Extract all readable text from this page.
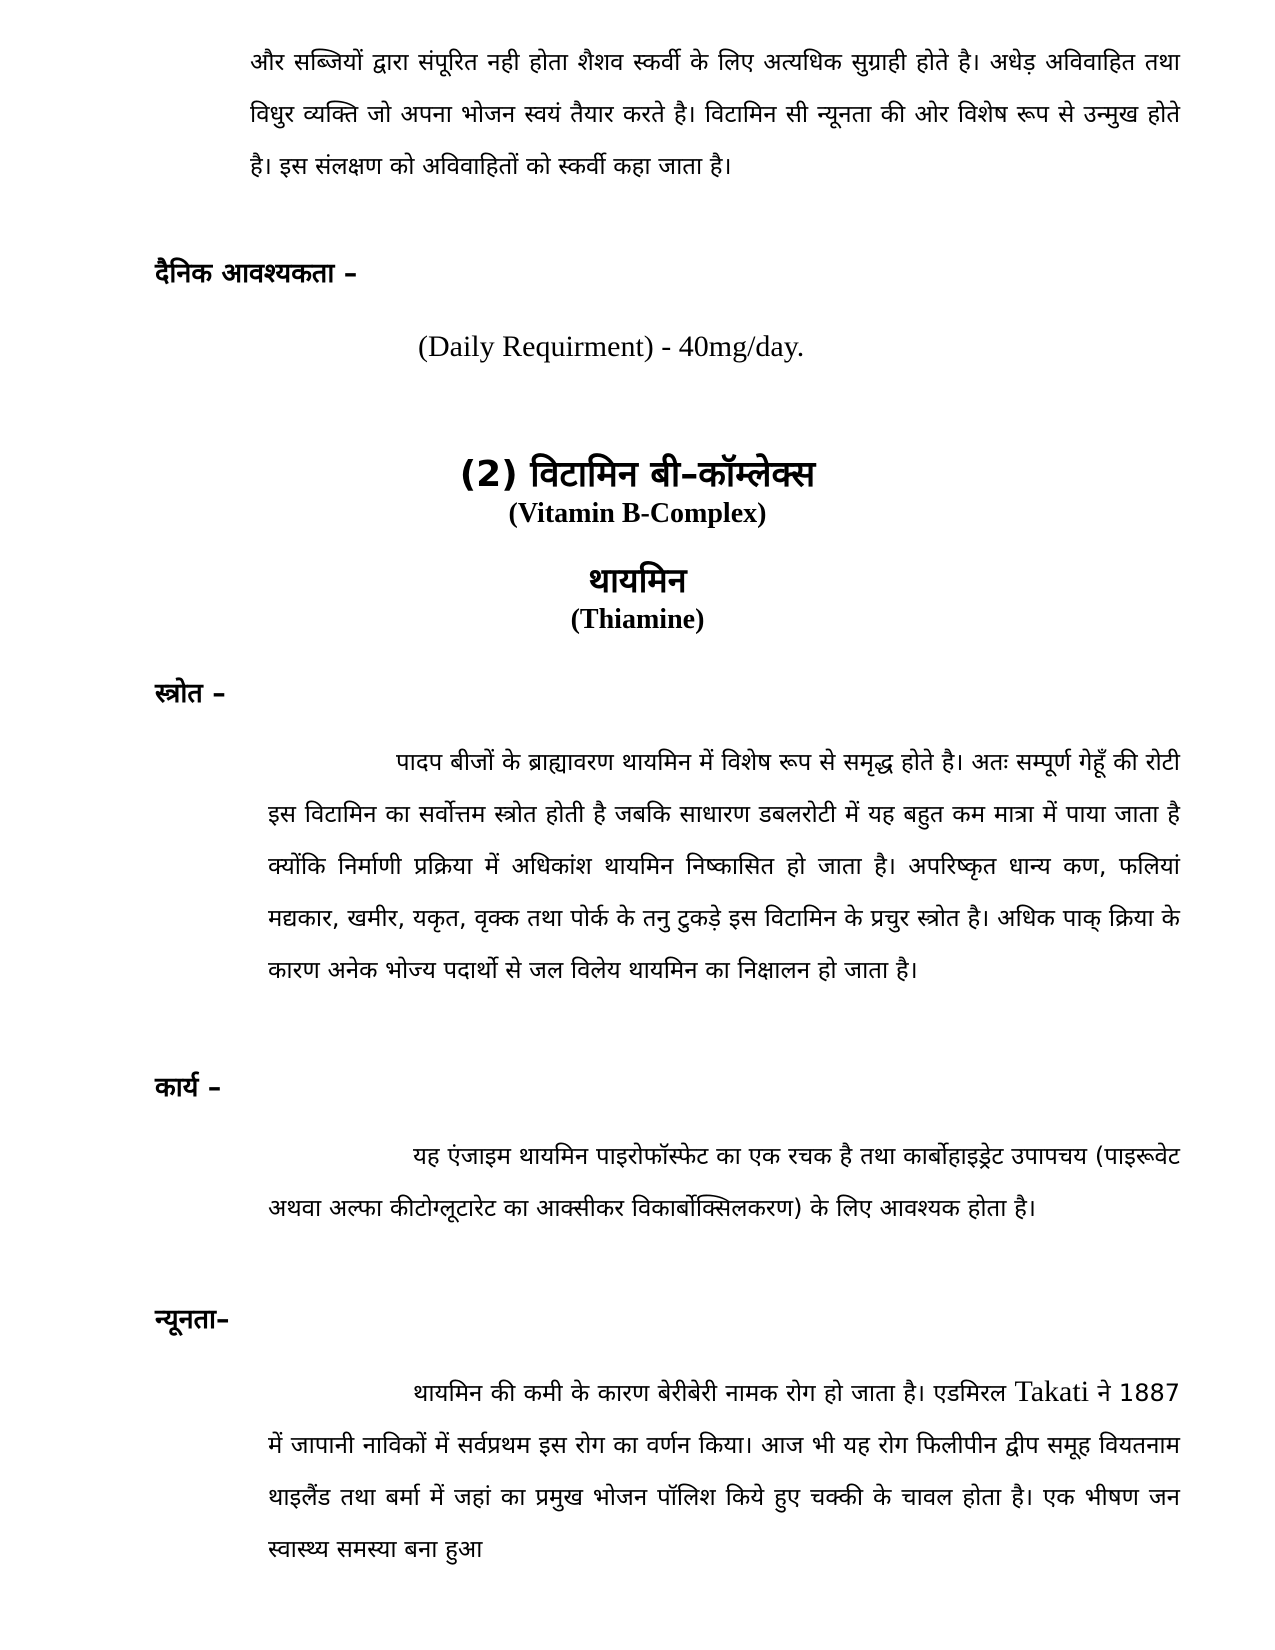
और सब्जियों द्वारा संपूरित नही होता शैशव स्कर्वी के लिए अत्यधिक सुग्राही होते है। अधेड़ अविवाहित तथा विधुर व्यक्ति जो अपना भोजन स्वयं तैयार करते है। विटामिन सी न्यूनता की ओर विशेष रूप से उन्मुख होते है। इस संलक्षण को अविवाहितों को स्कर्वी कहा जाता है।

दैनिक आवश्यकता –

(Daily Requirment) - 40mg/day.

(2) विटामिन बी–कॉम्लेक्स
(Vitamin B-Complex)
थायमिन
(Thiamine)
स्त्रोत –

पादप बीजों के ब्राह्यावरण थायमिन में विशेष रूप से समृद्ध होते है। अतः सम्पूर्ण गेहूँ की रोटी इस विटामिन का सर्वोत्तम स्त्रोत होती है जबकि साधारण डबलरोटी में यह बहुत कम मात्रा में पाया जाता है क्योंकि निर्माणी प्रक्रिया में अधिकांश थायमिन निष्कासित हो जाता है। अपरिष्कृत धान्य कण, फलियां मद्यकार, खमीर, यकृत, वृक्क तथा पोर्क के तनु टुकड़े इस विटामिन के प्रचुर स्त्रोत है। अधिक पाक् क्रिया के कारण अनेक भोज्य पदार्थो से जल विलेय थायमिन का निक्षालन हो जाता है।

कार्य –

यह एंजाइम थायमिन पाइरोफॉस्फेट का एक रचक है तथा कार्बोहाइड्रेट उपापचय (पाइरूवेट अथवा अल्फा कीटोग्लूटारेट का आक्सीकर विकार्बोक्सिलकरण) के लिए आवश्यक होता है।

न्यूनता–

थायमिन की कमी के कारण बेरीबेरी नामक रोग हो जाता है। एडमिरल Takati ने 1887 में जापानी नाविकों में सर्वप्रथम इस रोग का वर्णन किया। आज भी यह रोग फिलीपीन द्वीप समूह वियतनाम थाइलैंड तथा बर्मा में जहां का प्रमुख भोजन पॉलिश किये हुए चक्की के चावल होता है। एक भीषण जन स्वास्थ्य समस्या बना हुआ
